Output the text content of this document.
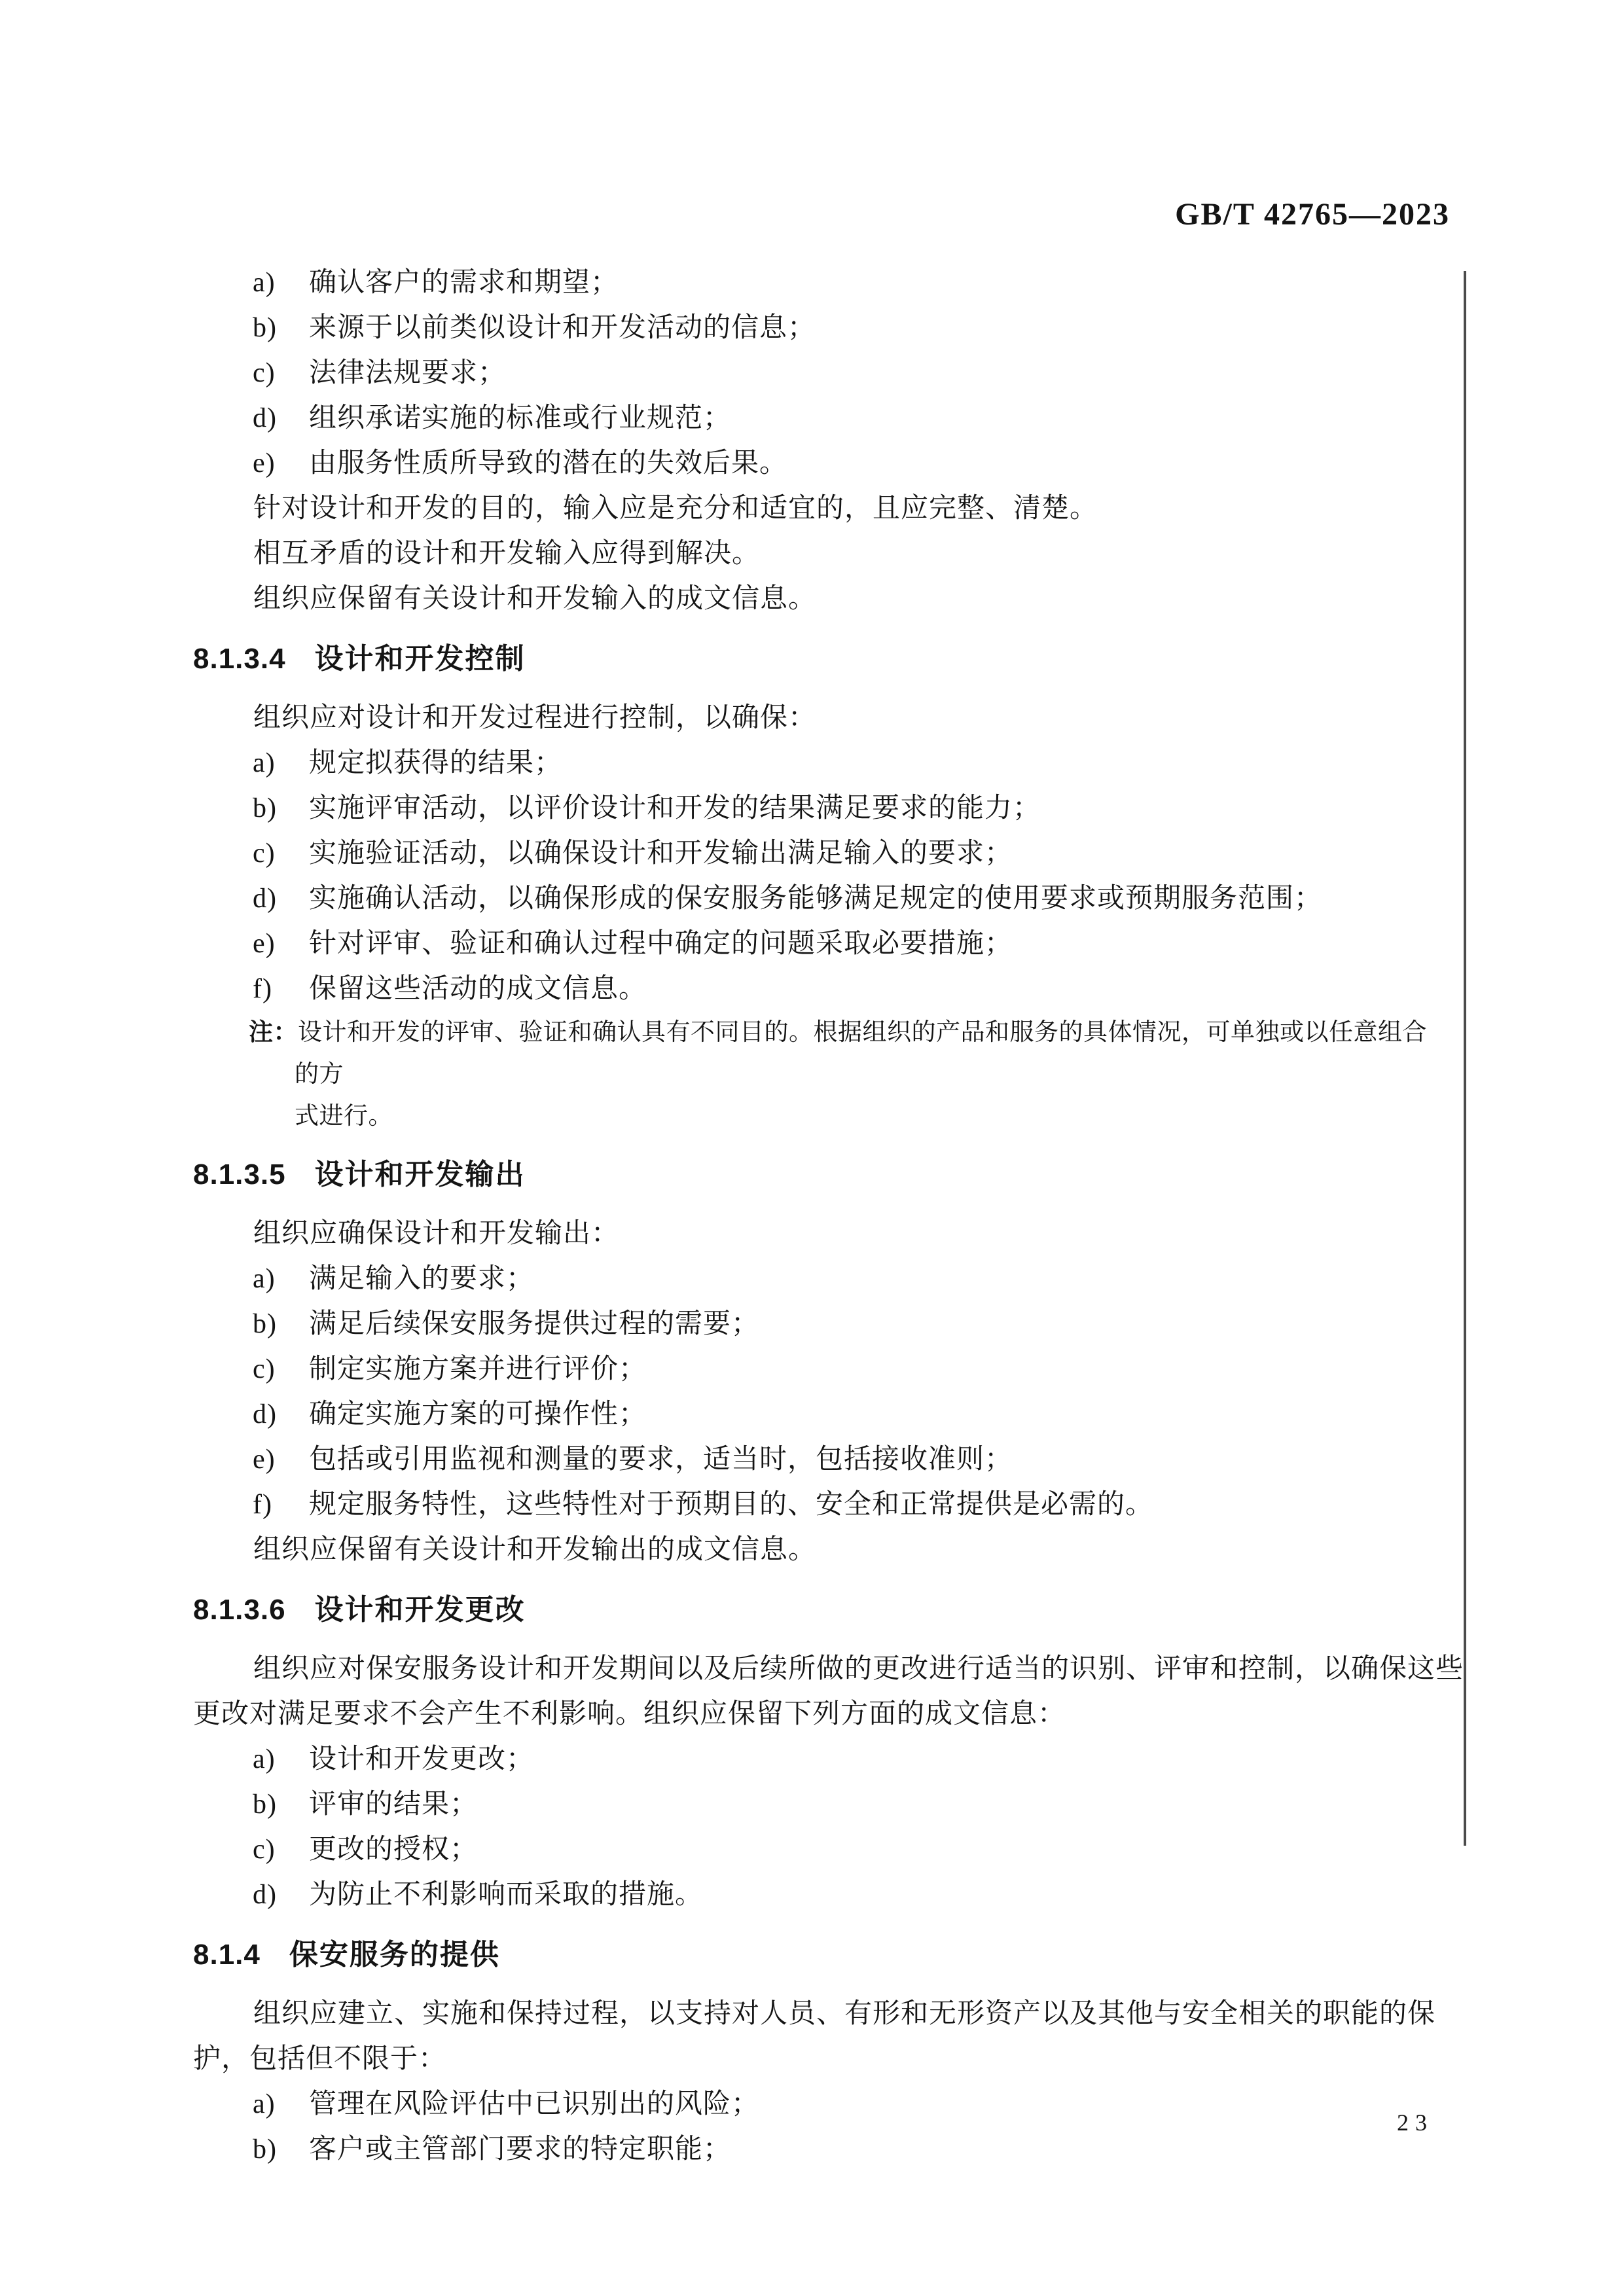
GB/T 42765—2023
a)	确认客户的需求和期望；
b)	来源于以前类似设计和开发活动的信息；
c)	法律法规要求；
d)	组织承诺实施的标准或行业规范；
e)	由服务性质所导致的潜在的失效后果。
针对设计和开发的目的，输入应是充分和适宜的，且应完整、清楚。
相互矛盾的设计和开发输入应得到解决。
组织应保留有关设计和开发输入的成文信息。
8.1.3.4 设计和开发控制
组织应对设计和开发过程进行控制，以确保：
a)	规定拟获得的结果；
b)	实施评审活动，以评价设计和开发的结果满足要求的能力；
c)	实施验证活动，以确保设计和开发输出满足输入的要求；
d)	实施确认活动，以确保形成的保安服务能够满足规定的使用要求或预期服务范围；
e)	针对评审、验证和确认过程中确定的问题采取必要措施；
f)	保留这些活动的成文信息。
注：设计和开发的评审、验证和确认具有不同目的。根据组织的产品和服务的具体情况，可单独或以任意组合的方
式进行。
8.1.3.5 设计和开发输出
组织应确保设计和开发输出：
a)	满足输入的要求；
b)	满足后续保安服务提供过程的需要；
c)	制定实施方案并进行评价；
d)	确定实施方案的可操作性；
e)	包括或引用监视和测量的要求，适当时，包括接收准则；
f)	规定服务特性，这些特性对于预期目的、安全和正常提供是必需的。
组织应保留有关设计和开发输出的成文信息。
8.1.3.6 设计和开发更改
组织应对保安服务设计和开发期间以及后续所做的更改进行适当的识别、评审和控制，以确保这些
更改对满足要求不会产生不利影响。组织应保留下列方面的成文信息：
a)	设计和开发更改；
b)	评审的结果；
c)	更改的授权；
d)	为防止不利影响而采取的措施。
8.1.4 保安服务的提供
组织应建立、实施和保持过程，以支持对人员、有形和无形资产以及其他与安全相关的职能的保
护，包括但不限于：
a)	管理在风险评估中已识别出的风险；
b)	客户或主管部门要求的特定职能；
23
